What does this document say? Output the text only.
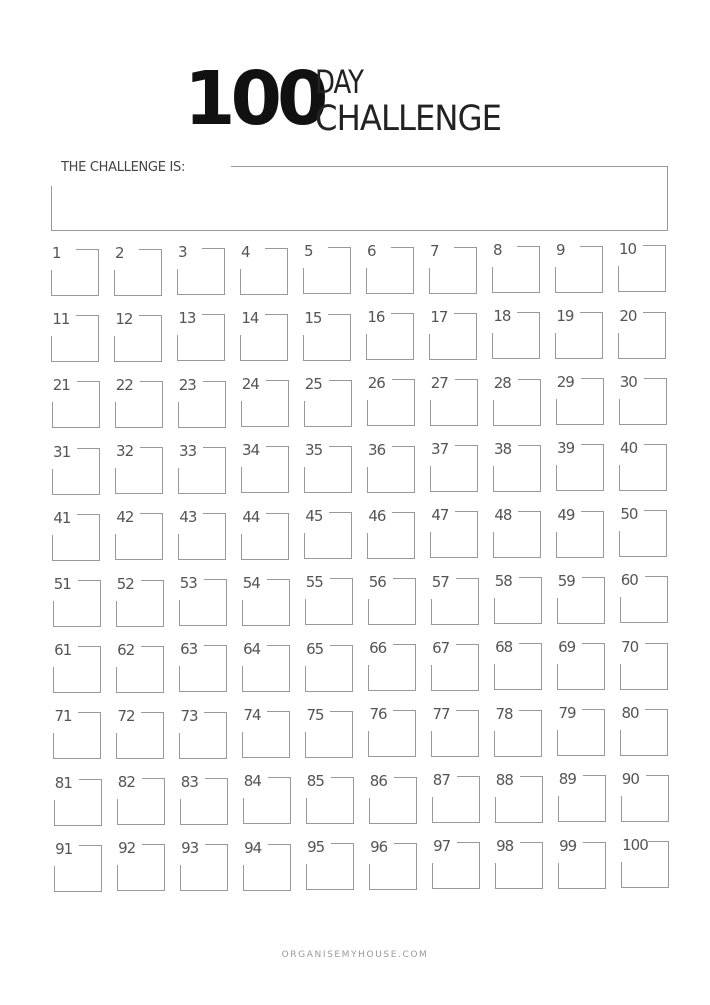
100
DAY
CHALLENGE
THE CHALLENGE IS:
1	2	3	4	5	6	7	8	9	10
11	12	13	14	15	16	17	18	19	20
21	22	23	24	25	26	27	28	29	30
31	32	33	34	35	36	37	38	39	40
41	42	43	44	45	46	47	48	49	50
51	52	53	54	55	56	57	58	59	60
61	62	63	64	65	66	67	68	69	70
71	72	73	74	75	76	77	78	79	80
81	82	83	84	85	86	87	88	89	90
91	92	93	94	95	96	97	98	99	100
ORGANISEMYHOUSE.COM
